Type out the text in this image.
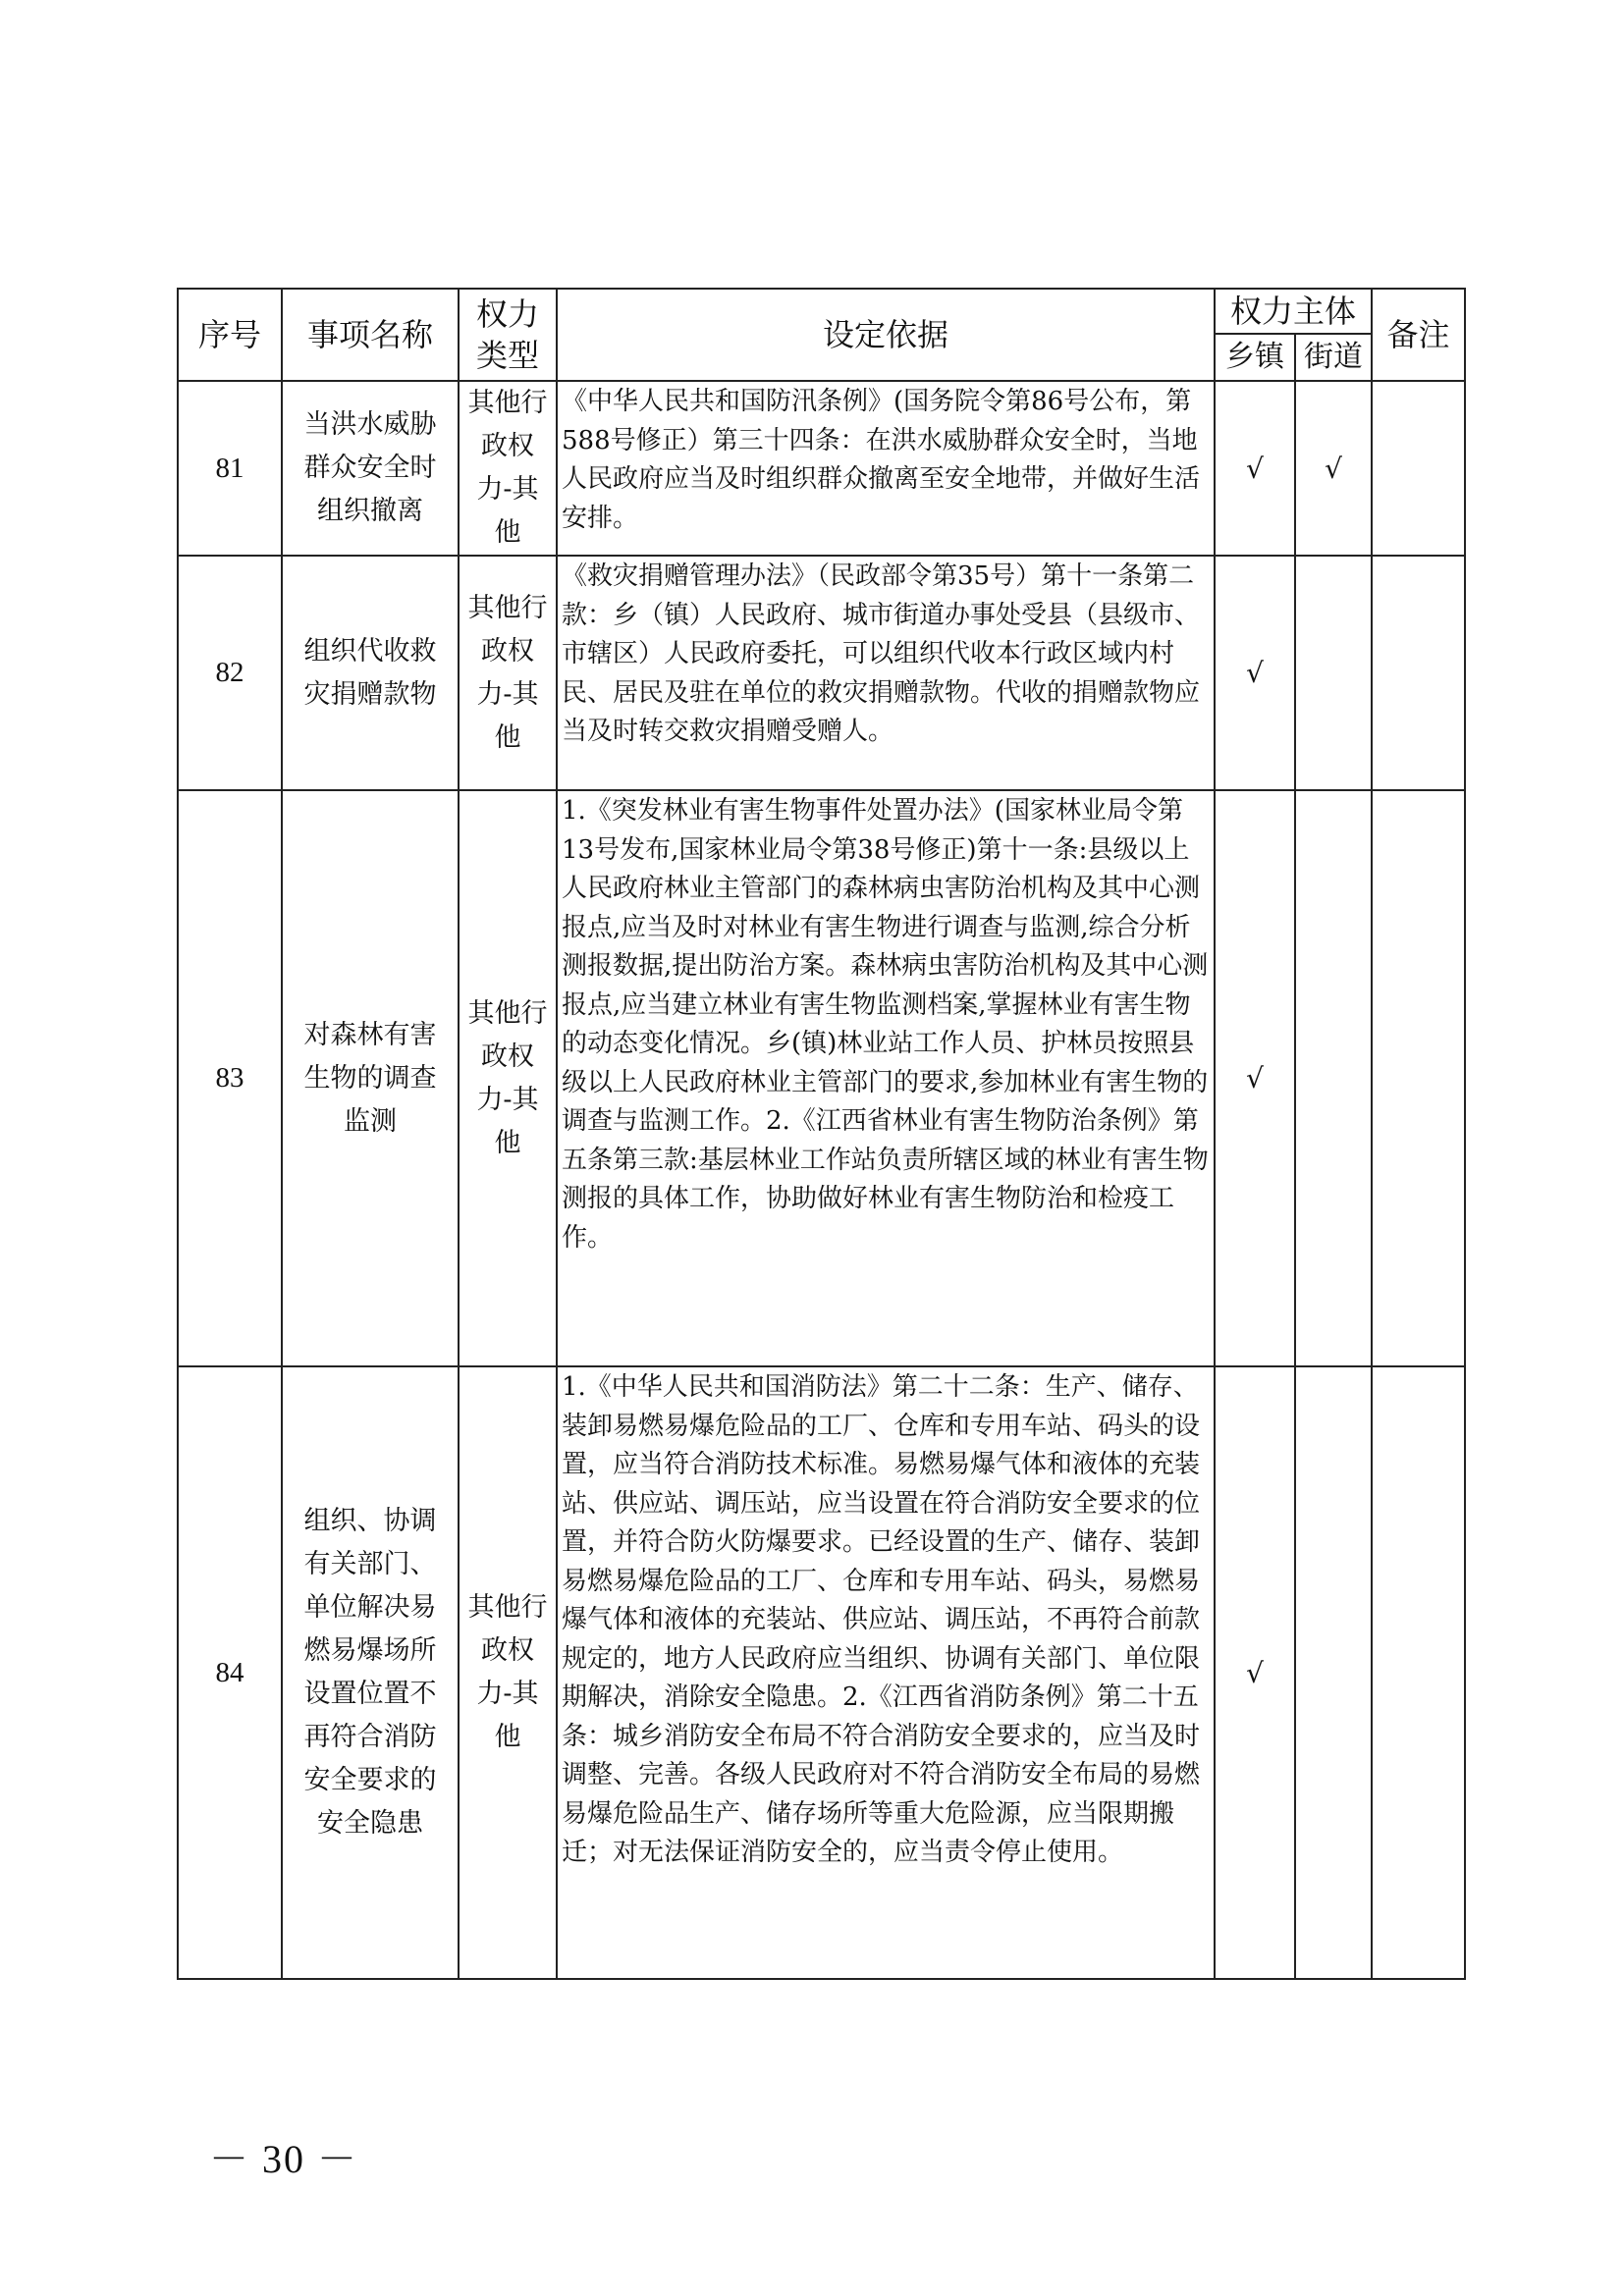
序号	事项名称	权力类型	设定依据	权力主体		备注
				乡镇	街道	
81	当洪水威胁群众安全时组织撤离	其他行政权力-其他	《中华人民共和国防汛条例》(国务院令第86号公布，第588号修正）第三十四条：在洪水威胁群众安全时，当地人民政府应当及时组织群众撤离至安全地带，并做好生活安排。	√	√	
82	组织代收救灾捐赠款物	其他行政权力-其他	《救灾捐赠管理办法》（民政部令第35号）第十一条第二款：乡（镇）人民政府、城市街道办事处受县（县级市、市辖区）人民政府委托，可以组织代收本行政区域内村民、居民及驻在单位的救灾捐赠款物。代收的捐赠款物应当及时转交救灾捐赠受赠人。	√		
83	对森林有害生物的调查监测	其他行政权力-其他	1.《突发林业有害生物事件处置办法》(国家林业局令第13号发布,国家林业局令第38号修正)第十一条:县级以上人民政府林业主管部门的森林病虫害防治机构及其中心测报点,应当及时对林业有害生物进行调查与监测,综合分析测报数据,提出防治方案。森林病虫害防治机构及其中心测报点,应当建立林业有害生物监测档案,掌握林业有害生物的动态变化情况。乡(镇)林业站工作人员、护林员按照县级以上人民政府林业主管部门的要求,参加林业有害生物的调查与监测工作。2.《江西省林业有害生物防治条例》第五条第三款:基层林业工作站负责所辖区域的林业有害生物测报的具体工作，协助做好林业有害生物防治和检疫工作。	√		
84	组织、协调有关部门、单位解决易燃易爆场所设置位置不再符合消防安全要求的安全隐患	其他行政权力-其他	1.《中华人民共和国消防法》第二十二条：生产、储存、装卸易燃易爆危险品的工厂、仓库和专用车站、码头的设置，应当符合消防技术标准。易燃易爆气体和液体的充装站、供应站、调压站，应当设置在符合消防安全要求的位置，并符合防火防爆要求。已经设置的生产、储存、装卸易燃易爆危险品的工厂、仓库和专用车站、码头，易燃易爆气体和液体的充装站、供应站、调压站，不再符合前款规定的，地方人民政府应当组织、协调有关部门、单位限期解决，消除安全隐患。2.《江西省消防条例》第二十五条：城乡消防安全布局不符合消防安全要求的，应当及时调整、完善。各级人民政府对不符合消防安全布局的易燃易爆危险品生产、储存场所等重大危险源，应当限期搬迁；对无法保证消防安全的，应当责令停止使用。	√		
－ 30 －
